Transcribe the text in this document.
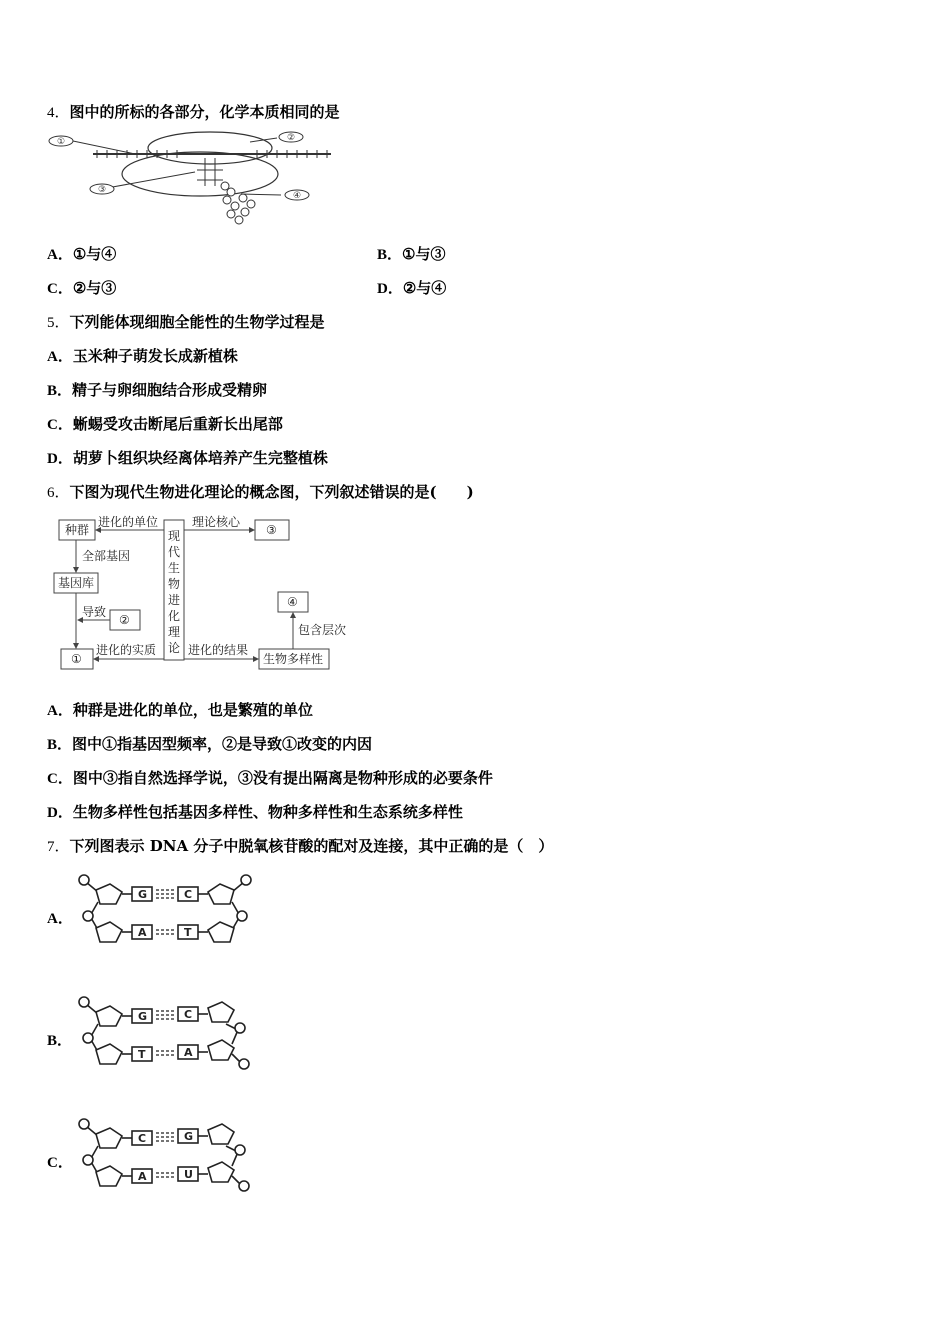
4．图中的所标的各部分，化学本质相同的是
①	②
③
④
A．①与④	B．①与③
C．②与③	D．②与④
5．下列能体现细胞全能性的生物学过程是
A．玉米种子萌发长成新植株
B．精子与卵细胞结合形成受精卵
C．蜥蜴受攻击断尾后重新长出尾部
D．胡萝卜组织块经离体培养产生完整植株
6．下图为现代生物进化理论的概念图，下列叙述错误的是(　　)
现
代
生
物
进
化
理
论
种群
进化的单位
③
理论核心
全部基因
基因库
导致
②
①
进化的实质
生物多样性
进化的结果
④
包含层次
A．种群是进化的单位，也是繁殖的单位
B．图中①指基因型频率，②是导致①改变的内因
C．图中③指自然选择学说，③没有提出隔离是物种形成的必要条件
D．生物多样性包括基因多样性、物种多样性和生态系统多样性
7．下列图表示 DNA 分子中脱氧核苷酸的配对及连接，其中正确的是（　）
A．
G	C
A	T
B．
G	C
T	A
C．
C	G
A	U
